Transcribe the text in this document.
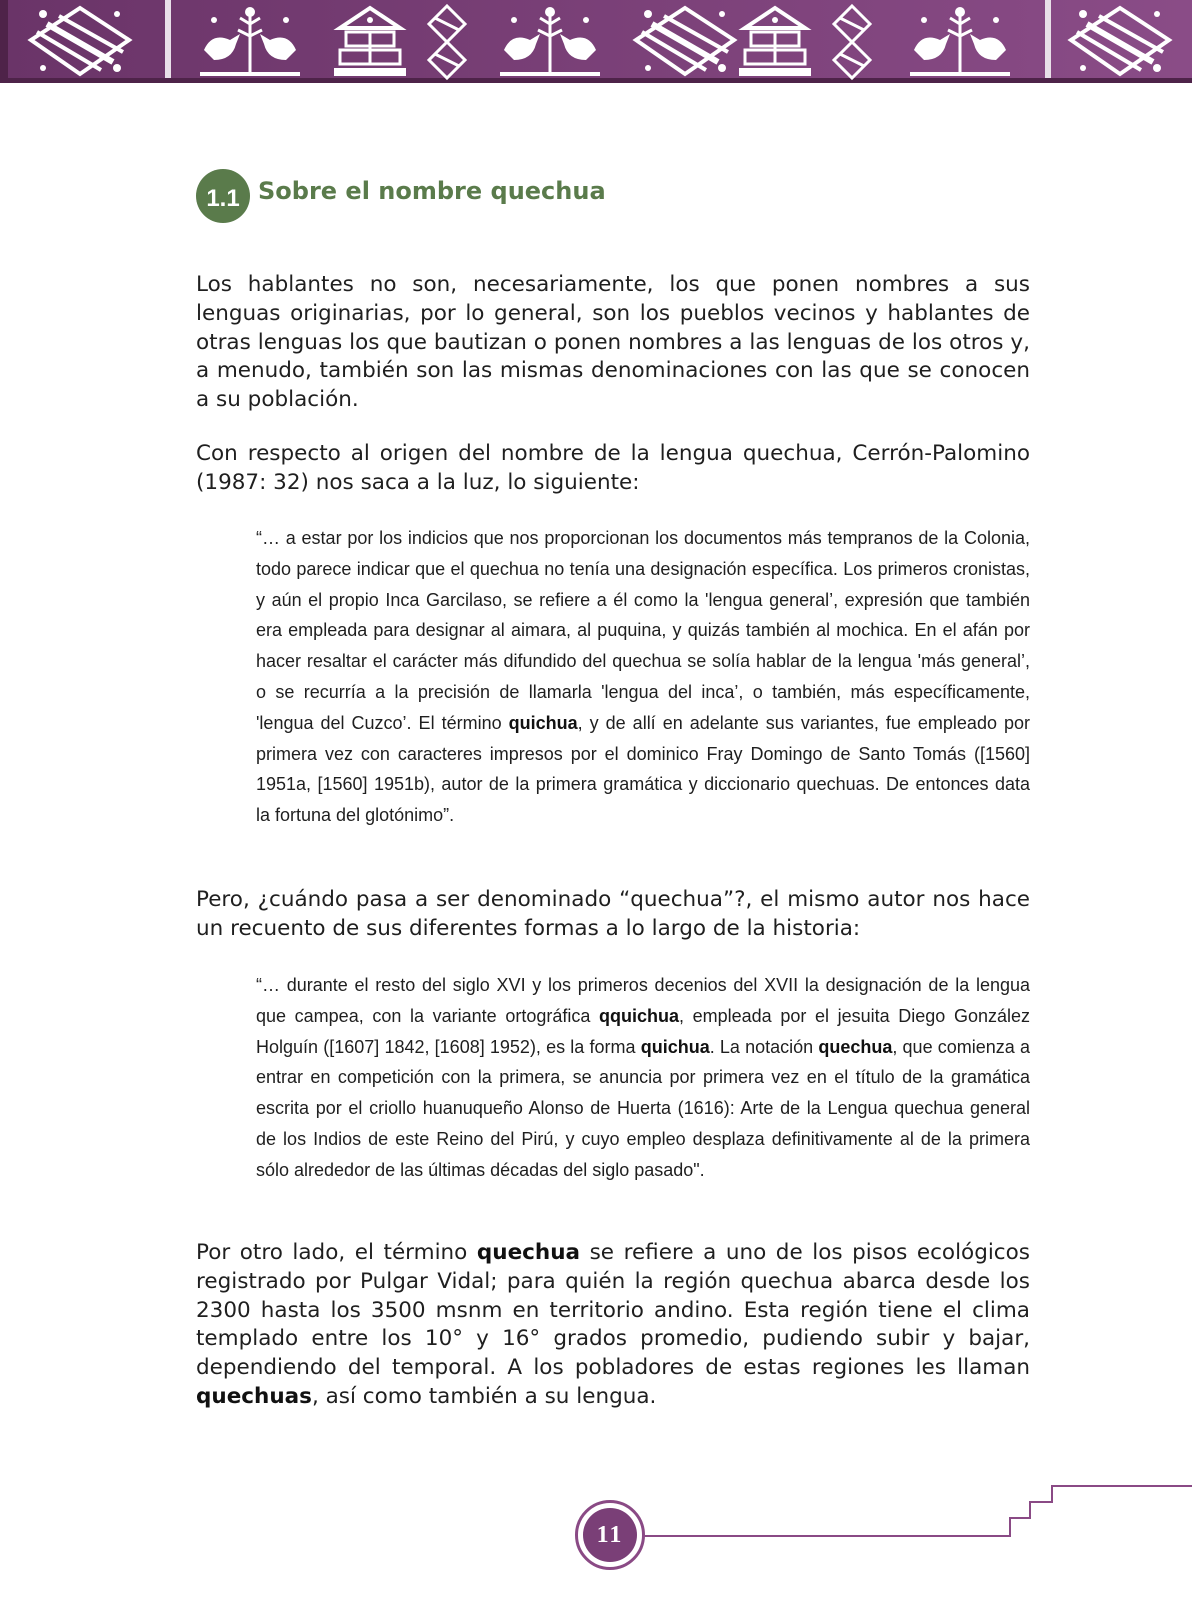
1.1 Sobre el nombre quechua

Los hablantes no son, necesariamente, los que ponen nombres a sus lenguas originarias, por lo general, son los pueblos vecinos y hablantes de otras lenguas los que bautizan o ponen nombres a las lenguas de los otros y, a menudo, también son las mismas denominaciones con las que se conocen a su población.

Con respecto al origen del nombre de la lengua quechua, Cerrón-Palomino (1987: 32) nos saca a la luz, lo siguiente:

“… a estar por los indicios que nos proporcionan los documentos más tempranos de la Colonia, todo parece indicar que el quechua no tenía una designación específica. Los primeros cronistas, y aún el propio Inca Garcilaso, se refiere a él como la 'lengua general’, expresión que también era empleada para designar al aimara, al puquina, y quizás también al mochica. En el afán por hacer resaltar el carácter más difundido del quechua se solía hablar de la lengua 'más general’, o se recurría a la precisión de llamarla 'lengua del inca’, o también, más específicamente, 'lengua del Cuzco’. El término quichua, y de allí en adelante sus variantes, fue empleado por primera vez con caracteres impresos por el dominico Fray Domingo de Santo Tomás ([1560] 1951a, [1560] 1951b), autor de la primera gramática y diccionario quechuas. De entonces data la fortuna del glotónimo”.

Pero, ¿cuándo pasa a ser denominado “quechua”?, el mismo autor nos hace un recuento de sus diferentes formas a lo largo de la historia:

“… durante el resto del siglo XVI y los primeros decenios del XVII la designación de la lengua que campea, con la variante ortográfica qquichua, empleada por el jesuita Diego González Holguín ([1607] 1842, [1608] 1952), es la forma quichua. La notación quechua, que comienza a entrar en competición con la primera, se anuncia por primera vez en el título de la gramática escrita por el criollo huanuqueño Alonso de Huerta (1616): Arte de la Lengua quechua general de los Indios de este Reino del Pirú, y cuyo empleo desplaza definitivamente al de la primera sólo alrededor de las últimas décadas del siglo pasado".

Por otro lado, el término quechua se refiere a uno de los pisos ecológicos registrado por Pulgar Vidal; para quién la región quechua abarca desde los 2300 hasta los 3500 msnm en territorio andino. Esta región tiene el clima templado entre los 10° y 16° grados promedio, pudiendo subir y bajar, dependiendo del temporal. A los pobladores de estas regiones les llaman quechuas, así como también a su lengua.

11
